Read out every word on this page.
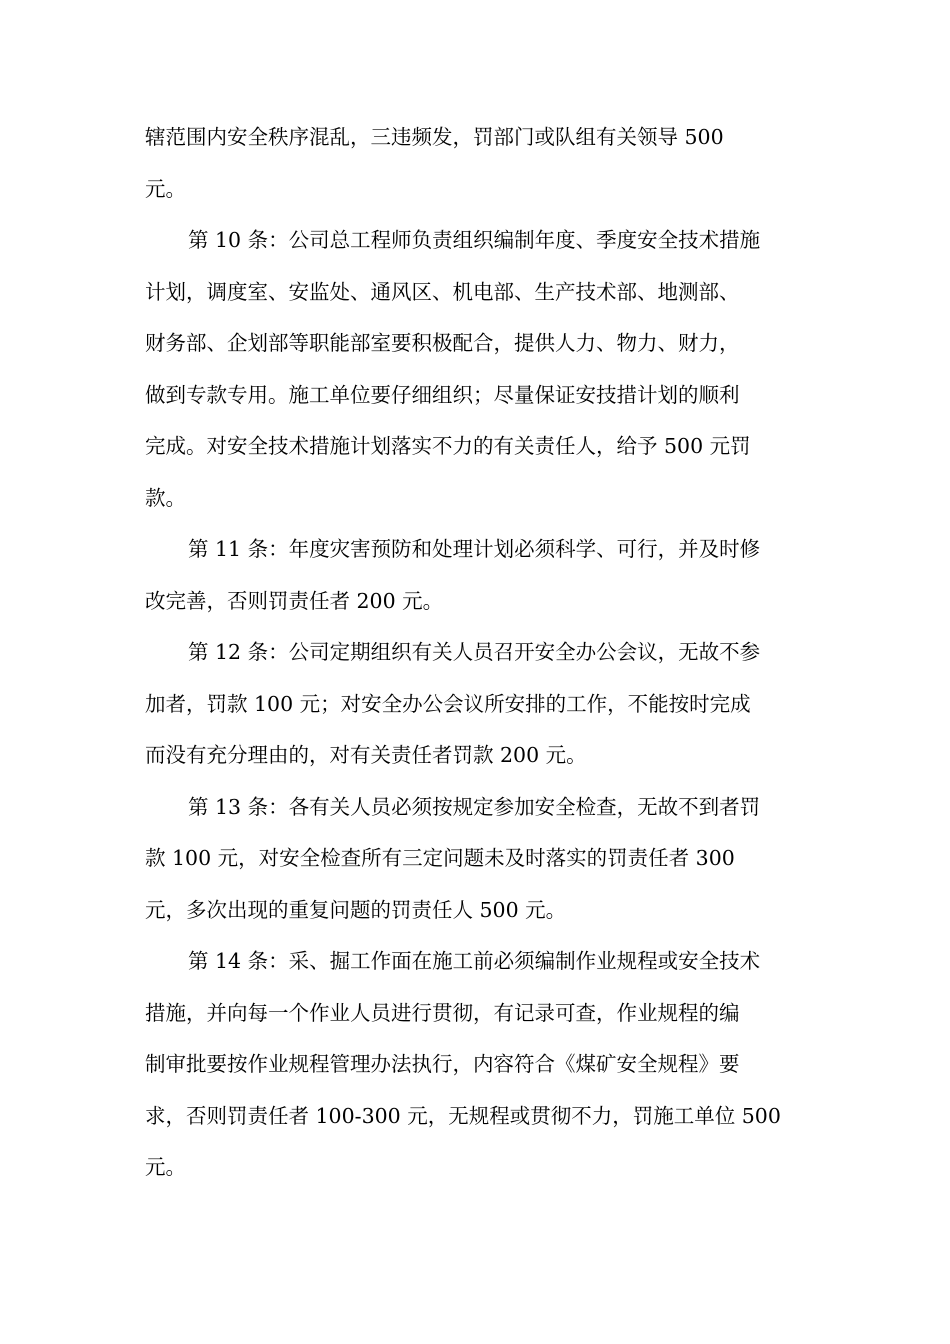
辖范围内安全秩序混乱，三违频发，罚部门或队组有关领导 500
元。

第 10 条：公司总工程师负责组织编制年度、季度安全技术措施
计划，调度室、安监处、通风区、机电部、生产技术部、地测部、
财务部、企划部等职能部室要积极配合，提供人力、物力、财力，
做到专款专用。施工单位要仔细组织；尽量保证安技措计划的顺利
完成。对安全技术措施计划落实不力的有关责任人，给予 500 元罚
款。

第 11 条：年度灾害预防和处理计划必须科学、可行，并及时修
改完善，否则罚责任者 200 元。

第 12 条：公司定期组织有关人员召开安全办公会议，无故不参
加者，罚款 100 元；对安全办公会议所安排的工作，不能按时完成
而没有充分理由的，对有关责任者罚款 200 元。

第 13 条：各有关人员必须按规定参加安全检查，无故不到者罚
款 100 元，对安全检查所有三定问题未及时落实的罚责任者 300
元，多次出现的重复问题的罚责任人 500 元。

第 14 条：采、掘工作面在施工前必须编制作业规程或安全技术
措施，并向每一个作业人员进行贯彻，有记录可查，作业规程的编
制审批要按作业规程管理办法执行，内容符合《煤矿安全规程》要
求，否则罚责任者 100-300 元，无规程或贯彻不力，罚施工单位 500
元。
